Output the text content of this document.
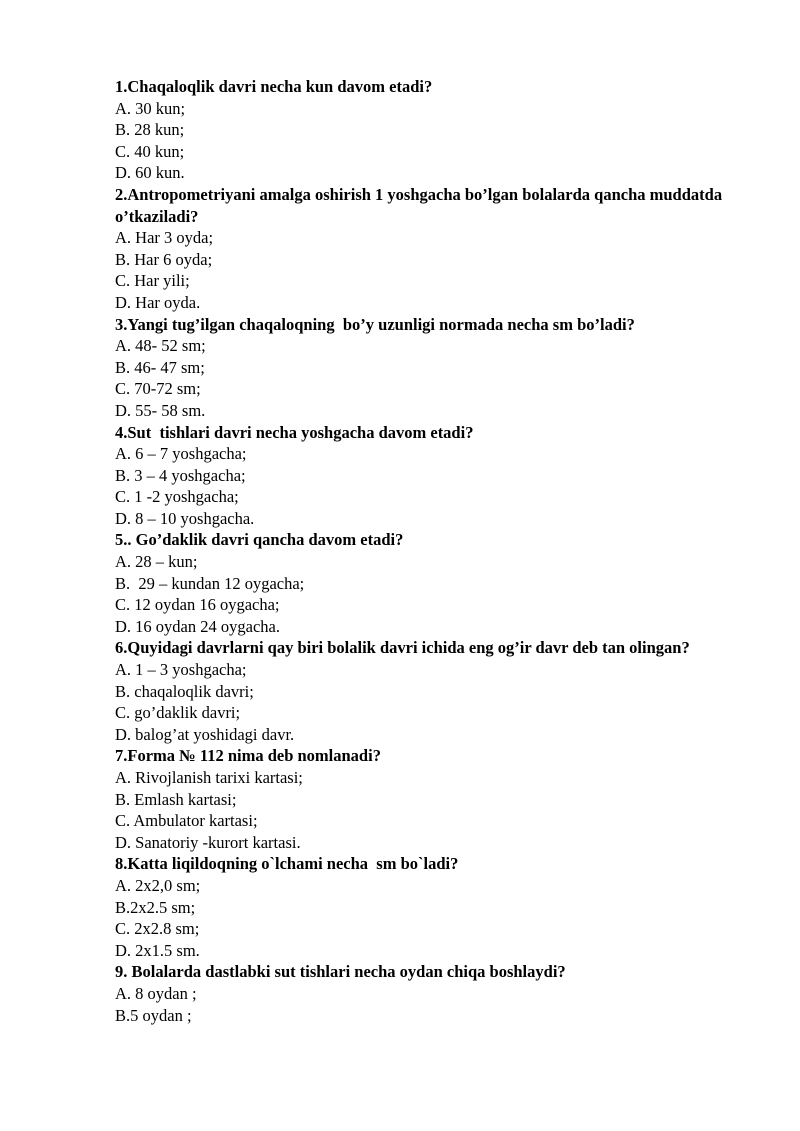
1.Chaqaloqlik davri necha kun davom etadi?

A. 30 kun;

B. 28 kun;

C. 40 kun;

D. 60 kun.

2.Antropometriyani amalga oshirish 1 yoshgacha bo’lgan bolalarda qancha muddatda o’tkaziladi?

A. Har 3 oyda;

B. Har 6 oyda;

C. Har yili;

D. Har oyda.

3.Yangi tug’ilgan chaqaloqning  bo’y uzunligi normada necha sm bo’ladi?

A. 48- 52 sm;

B. 46- 47 sm;

C. 70-72 sm;

D. 55- 58 sm.

4.Sut  tishlari davri necha yoshgacha davom etadi?

A. 6 – 7 yoshgacha;

B. 3 – 4 yoshgacha;

C. 1 -2 yoshgacha;

D. 8 – 10 yoshgacha.

5.. Go’daklik davri qancha davom etadi?

A. 28 – kun;

B.  29 – kundan 12 oygacha;

C. 12 oydan 16 oygacha;

D. 16 oydan 24 oygacha.

6.Quyidagi davrlarni qay biri bolalik davri ichida eng og’ir davr deb tan olingan?

A. 1 – 3 yoshgacha;

B. chaqaloqlik davri;

C. go’daklik davri;

D. balog’at yoshidagi davr.

7.Forma № 112 nima deb nomlanadi?

A. Rivojlanish tarixi kartasi;

B. Emlash kartasi;

C. Ambulator kartasi;

D. Sanatoriy -kurort kartasi.

8.Katta liqildoqning o`lchami necha  sm bo`ladi?

A. 2x2,0 sm;

B.2x2.5 sm;

C. 2x2.8 sm;

D. 2x1.5 sm.

9. Bolalarda dastlabki sut tishlari necha oydan chiqa boshlaydi?

A. 8 oydan ;

B.5 oydan ;
